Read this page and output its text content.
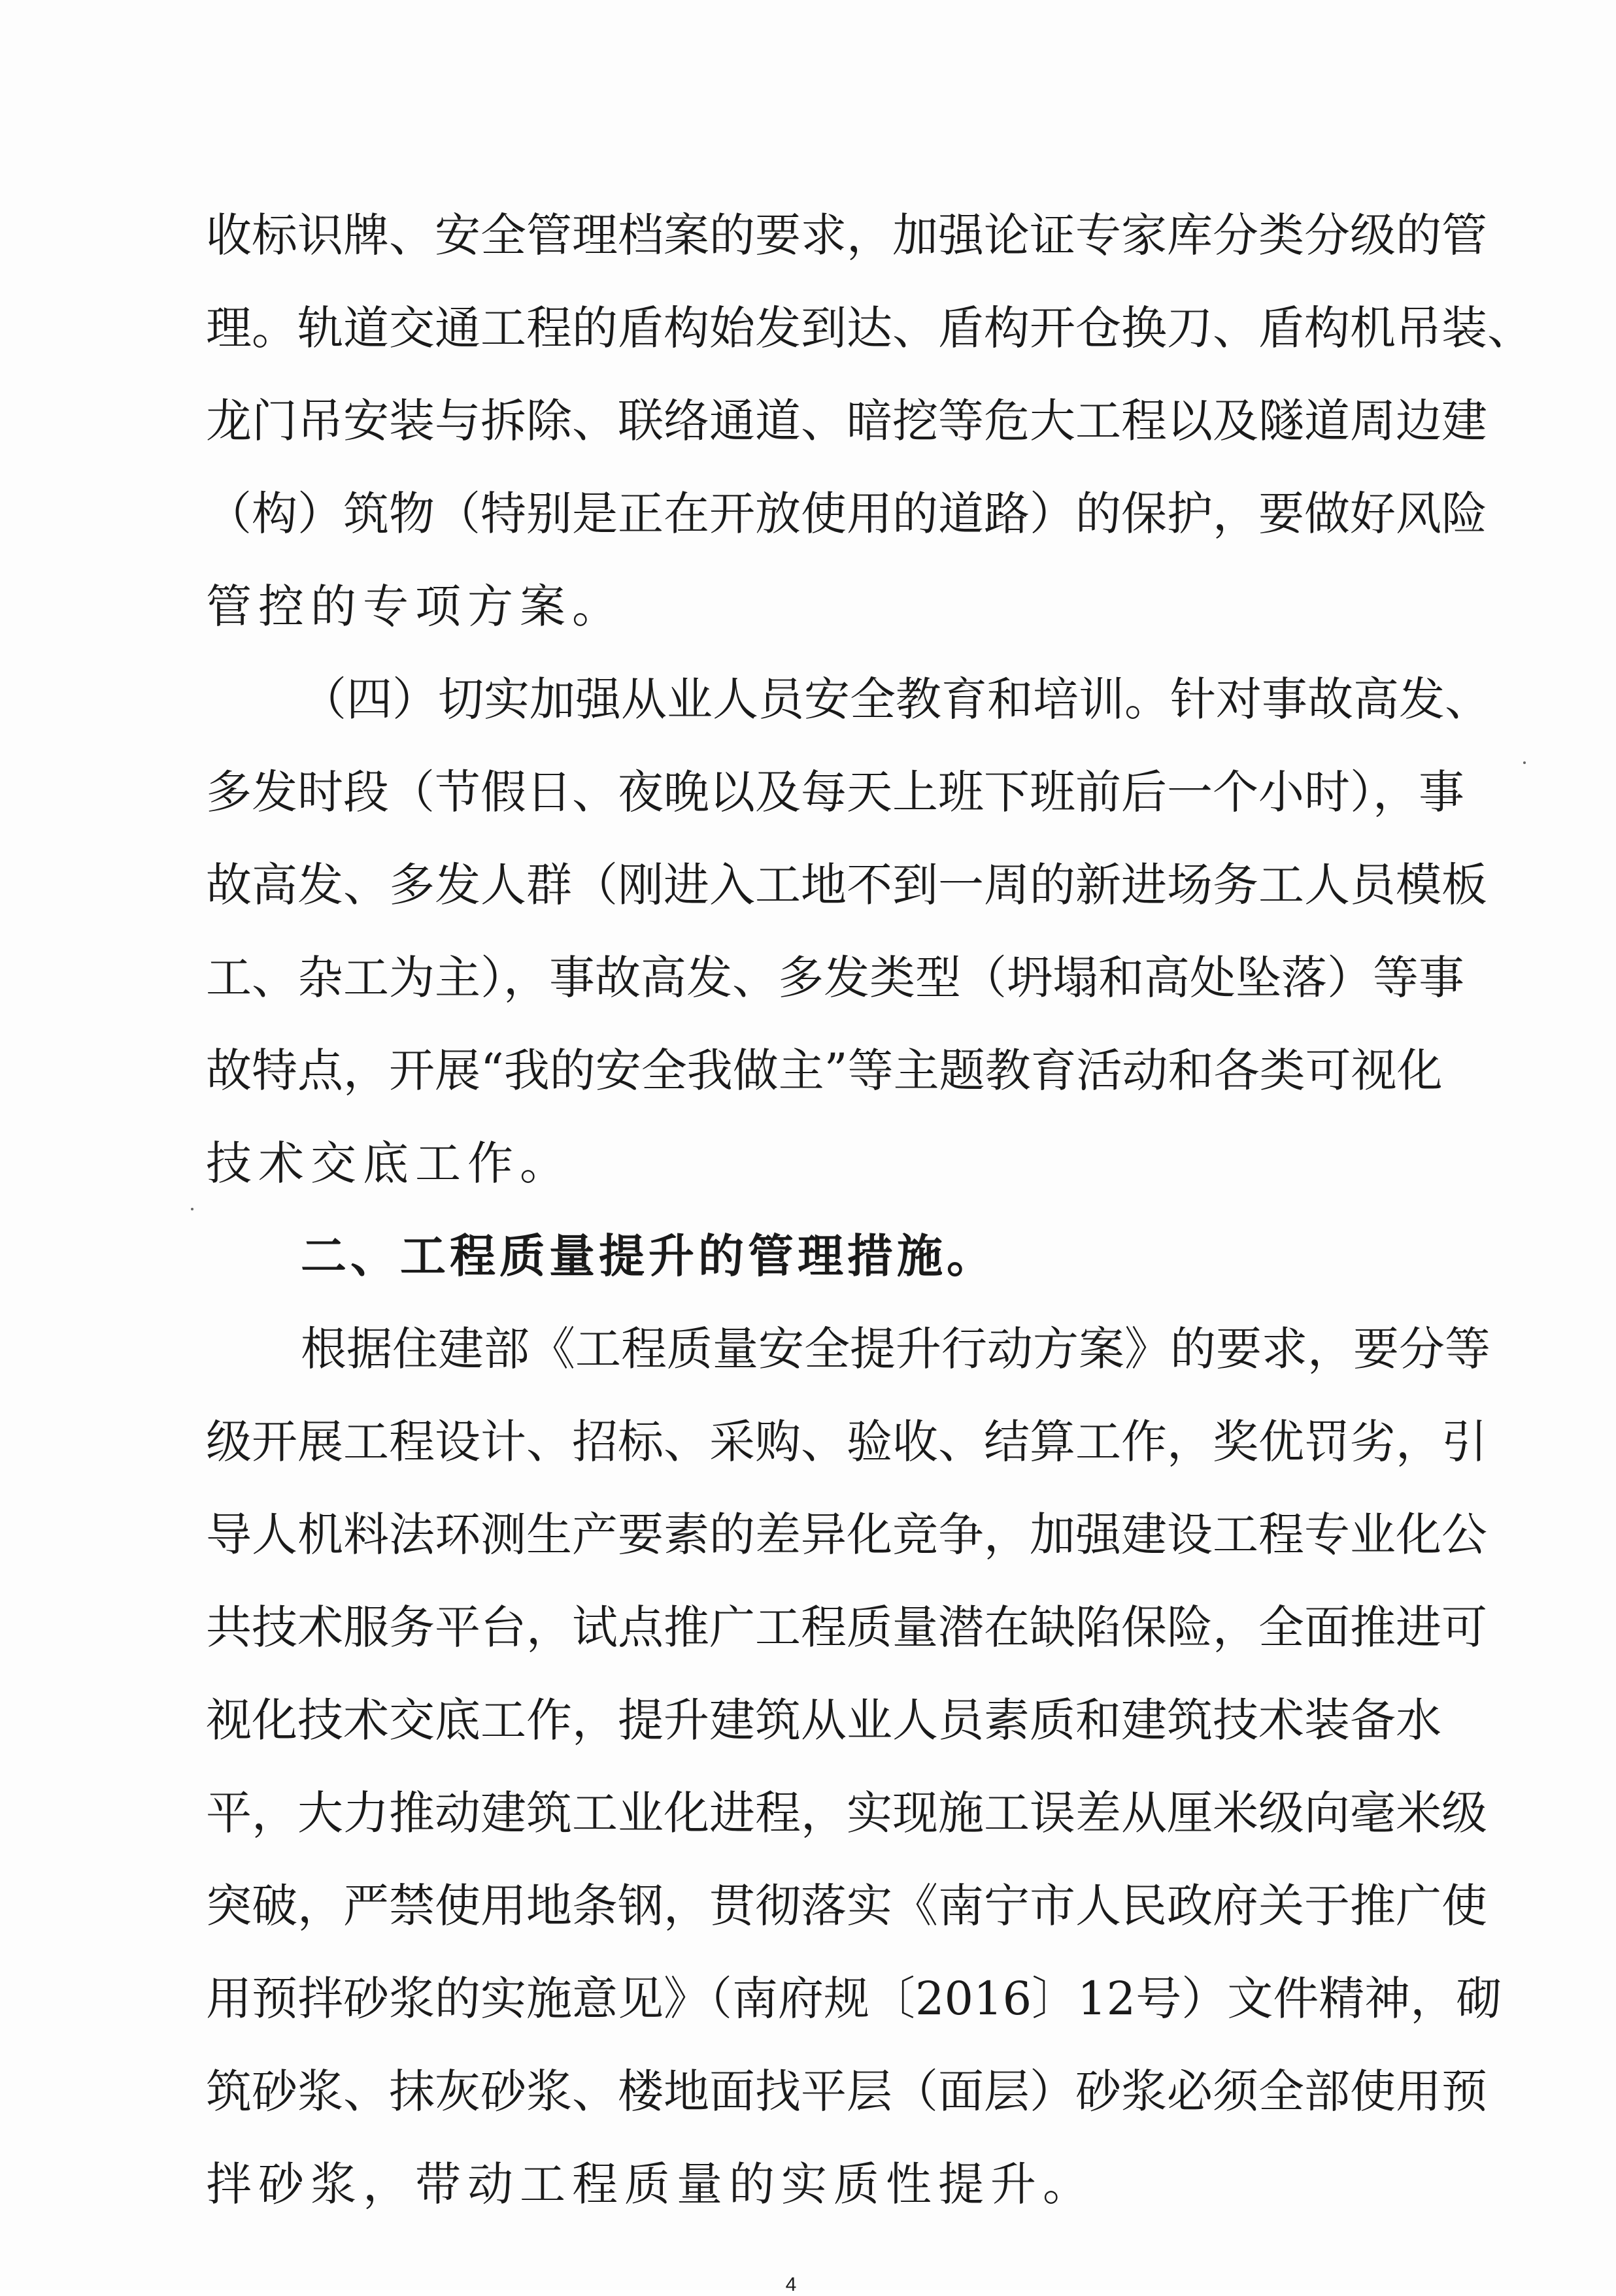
收标识牌、安全管理档案的要求，加强论证专家库分类分级的管
理。轨道交通工程的盾构始发到达、盾构开仓换刀、盾构机吊装、
龙门吊安装与拆除、联络通道、暗挖等危大工程以及隧道周边建
（构）筑物（特别是正在开放使用的道路）的保护，要做好风险
管控的专项方案。
（四）切实加强从业人员安全教育和培训。针对事故高发、
多发时段（节假日、夜晚以及每天上班下班前后一个小时），事
故高发、多发人群（刚进入工地不到一周的新进场务工人员模板
工、杂工为主），事故高发、多发类型（坍塌和高处坠落）等事
故特点，开展“我的安全我做主”等主题教育活动和各类可视化
技术交底工作。
二、工程质量提升的管理措施。
根据住建部《工程质量安全提升行动方案》的要求，要分等
级开展工程设计、招标、采购、验收、结算工作，奖优罚劣，引
导人机料法环测生产要素的差异化竞争，加强建设工程专业化公
共技术服务平台，试点推广工程质量潜在缺陷保险，全面推进可
视化技术交底工作，提升建筑从业人员素质和建筑技术装备水
平，大力推动建筑工业化进程，实现施工误差从厘米级向毫米级
突破，严禁使用地条钢，贯彻落实《南宁市人民政府关于推广使
用预拌砂浆的实施意见》（南府规〔2016〕12号）文件精神，砌
筑砂浆、抹灰砂浆、楼地面找平层（面层）砂浆必须全部使用预
拌砂浆，带动工程质量的实质性提升。
4
